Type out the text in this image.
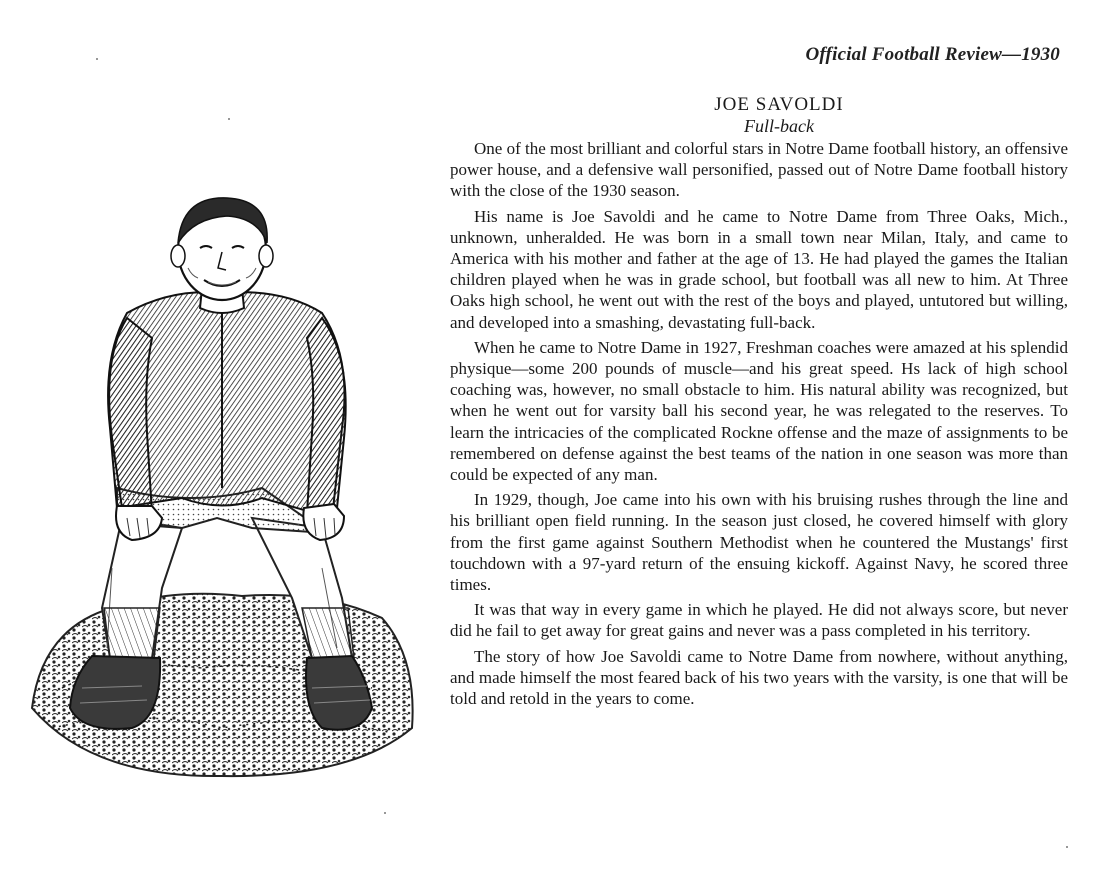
Official Football Review—1930
JOE SAVOLDI
Full-back

One of the most brilliant and colorful stars in Notre Dame football history, an offensive power house, and a defensive wall personified, passed out of Notre Dame football history with the close of the 1930 season.

His name is Joe Savoldi and he came to Notre Dame from Three Oaks, Mich., unknown, unheralded. He was born in a small town near Milan, Italy, and came to America with his mother and father at the age of 13. He had played the games the Italian children played when he was in grade school, but football was all new to him. At Three Oaks high school, he went out with the rest of the boys and played, untutored but willing, and developed into a smashing, devastating full-back.

When he came to Notre Dame in 1927, Freshman coaches were amazed at his splendid physique—some 200 pounds of muscle—and his great speed. Hs lack of high school coaching was, however, no small obstacle to him. His natural ability was recognized, but when he went out for varsity ball his second year, he was relegated to the reserves. To learn the intricacies of the complicated Rockne offense and the maze of assignments to be remembered on defense against the best teams of the nation in one season was more than could be expected of any man.

In 1929, though, Joe came into his own with his bruising rushes through the line and his brilliant open field running. In the season just closed, he covered himself with glory from the first game against Southern Methodist when he countered the Mustangs' first touchdown with a 97-yard return of the ensuing kickoff. Against Navy, he scored three times.

It was that way in every game in which he played. He did not always score, but never did he fail to get away for great gains and never was a pass completed in his territory.

The story of how Joe Savoldi came to Notre Dame from nowhere, without anything, and made himself the most feared back of his two years with the varsity, is one that will be told and retold in the years to come.
